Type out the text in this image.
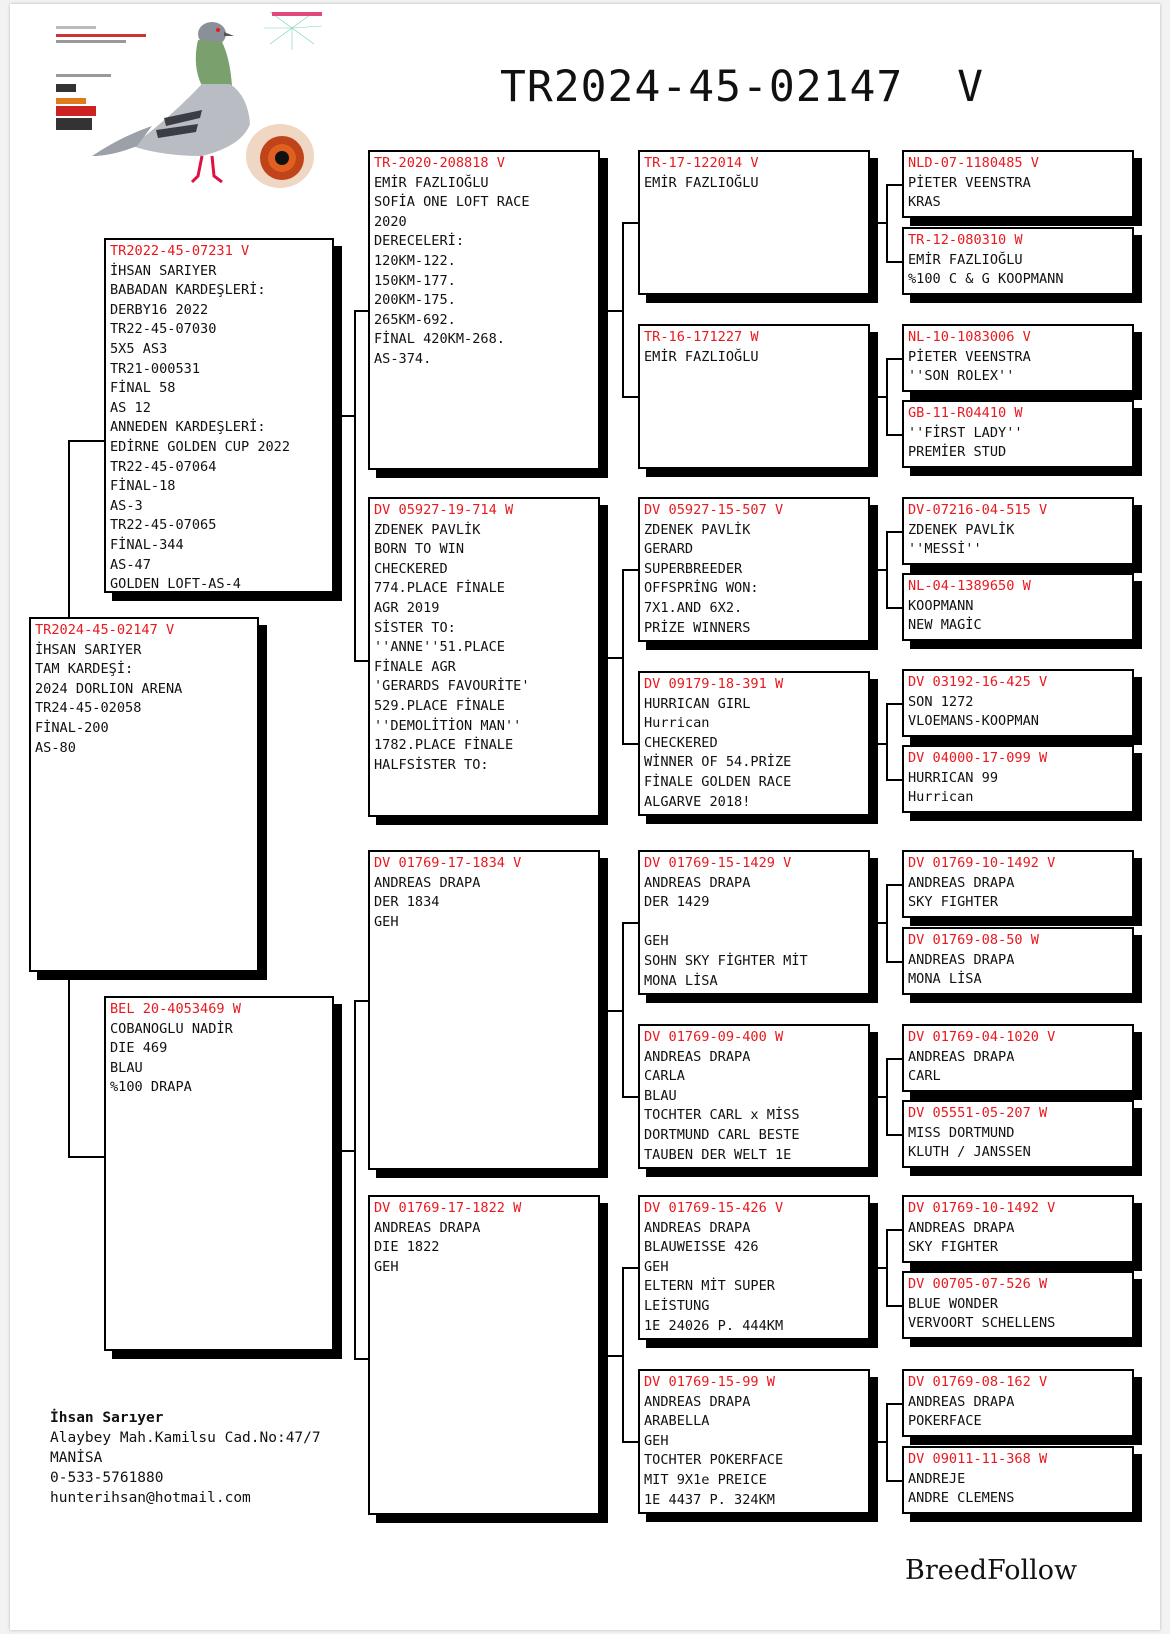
TR2024-45-02147  V
TR2024-45-02147 V
İHSAN SARIYER
TAM KARDEŞİ:
2024 DORLION ARENA
TR24-45-02058
FİNAL-200
AS-80
TR2022-45-07231 V
İHSAN SARIYER
BABADAN KARDEŞLERİ:
DERBY16 2022
TR22-45-07030
5X5 AS3
TR21-000531
FİNAL 58
AS 12
ANNEDEN KARDEŞLERİ:
EDİRNE GOLDEN CUP 2022
TR22-45-07064
FİNAL-18
AS-3
TR22-45-07065
FİNAL-344
AS-47
GOLDEN LOFT-AS-4
BEL 20-4053469 W
COBANOGLU NADİR
DIE 469
BLAU
%100 DRAPA
TR-2020-208818 V
EMİR FAZLIOĞLU
SOFİA ONE LOFT RACE
2020
DERECELERİ:
120KM-122.
150KM-177.
200KM-175.
265KM-692.
FİNAL 420KM-268.
AS-374.
DV 05927-19-714 W
ZDENEK PAVLİK
BORN TO WIN
CHECKERED
774.PLACE FİNALE
AGR 2019
SİSTER TO:
''ANNE''51.PLACE
FİNALE AGR
'GERARDS FAVOURİTE'
529.PLACE FİNALE
''DEMOLİTİON MAN''
1782.PLACE FİNALE
HALFSİSTER TO:
DV 01769-17-1834 V
ANDREAS DRAPA
DER 1834
GEH
DV 01769-17-1822 W
ANDREAS DRAPA
DIE 1822
GEH
TR-17-122014 V
EMİR FAZLIOĞLU
TR-16-171227 W
EMİR FAZLIOĞLU
DV 05927-15-507 V
ZDENEK PAVLİK
GERARD
SUPERBREEDER
OFFSPRİNG WON:
7X1.AND 6X2.
PRİZE WINNERS
DV 09179-18-391 W
HURRICAN GIRL
Hurrican
CHECKERED
WİNNER OF 54.PRİZE
FİNALE GOLDEN RACE
ALGARVE 2018!
DV 01769-15-1429 V
ANDREAS DRAPA
DER 1429

GEH
SOHN SKY FİGHTER MİT
MONA LİSA
DV 01769-09-400 W
ANDREAS DRAPA
CARLA
BLAU
TOCHTER CARL x MİSS
DORTMUND CARL BESTE
TAUBEN DER WELT 1E
DV 01769-15-426 V
ANDREAS DRAPA
BLAUWEISSE 426
GEH
ELTERN MİT SUPER
LEİSTUNG
1E 24026 P. 444KM
DV 01769-15-99 W
ANDREAS DRAPA
ARABELLA
GEH
TOCHTER POKERFACE
MIT 9X1e PREICE
1E 4437 P. 324KM
NLD-07-1180485 V
PİETER VEENSTRA
KRAS
TR-12-080310 W
EMİR FAZLIOĞLU
%100 C & G KOOPMANN
NL-10-1083006 V
PİETER VEENSTRA
''SON ROLEX''
GB-11-R04410 W
''FİRST LADY''
PREMİER STUD
DV-07216-04-515 V
ZDENEK PAVLİK
''MESSİ''
NL-04-1389650 W
KOOPMANN
NEW MAGİC
DV 03192-16-425 V
SON 1272
VLOEMANS-KOOPMAN
DV 04000-17-099 W
HURRICAN 99
Hurrican
DV 01769-10-1492 V
ANDREAS DRAPA
SKY FIGHTER
DV 01769-08-50 W
ANDREAS DRAPA
MONA LİSA
DV 01769-04-1020 V
ANDREAS DRAPA
CARL
DV 05551-05-207 W
MISS DORTMUND
KLUTH / JANSSEN
DV 01769-10-1492 V
ANDREAS DRAPA
SKY FIGHTER
DV 00705-07-526 W
BLUE WONDER
VERVOORT SCHELLENS
DV 01769-08-162 V
ANDREAS DRAPA
POKERFACE
DV 09011-11-368 W
ANDREJE
ANDRE CLEMENS
İhsan Sarıyer
Alaybey Mah.Kamilsu Cad.No:47/7
MANİSA
0-533-5761880
hunterihsan@hotmail.com
BreedFollow
